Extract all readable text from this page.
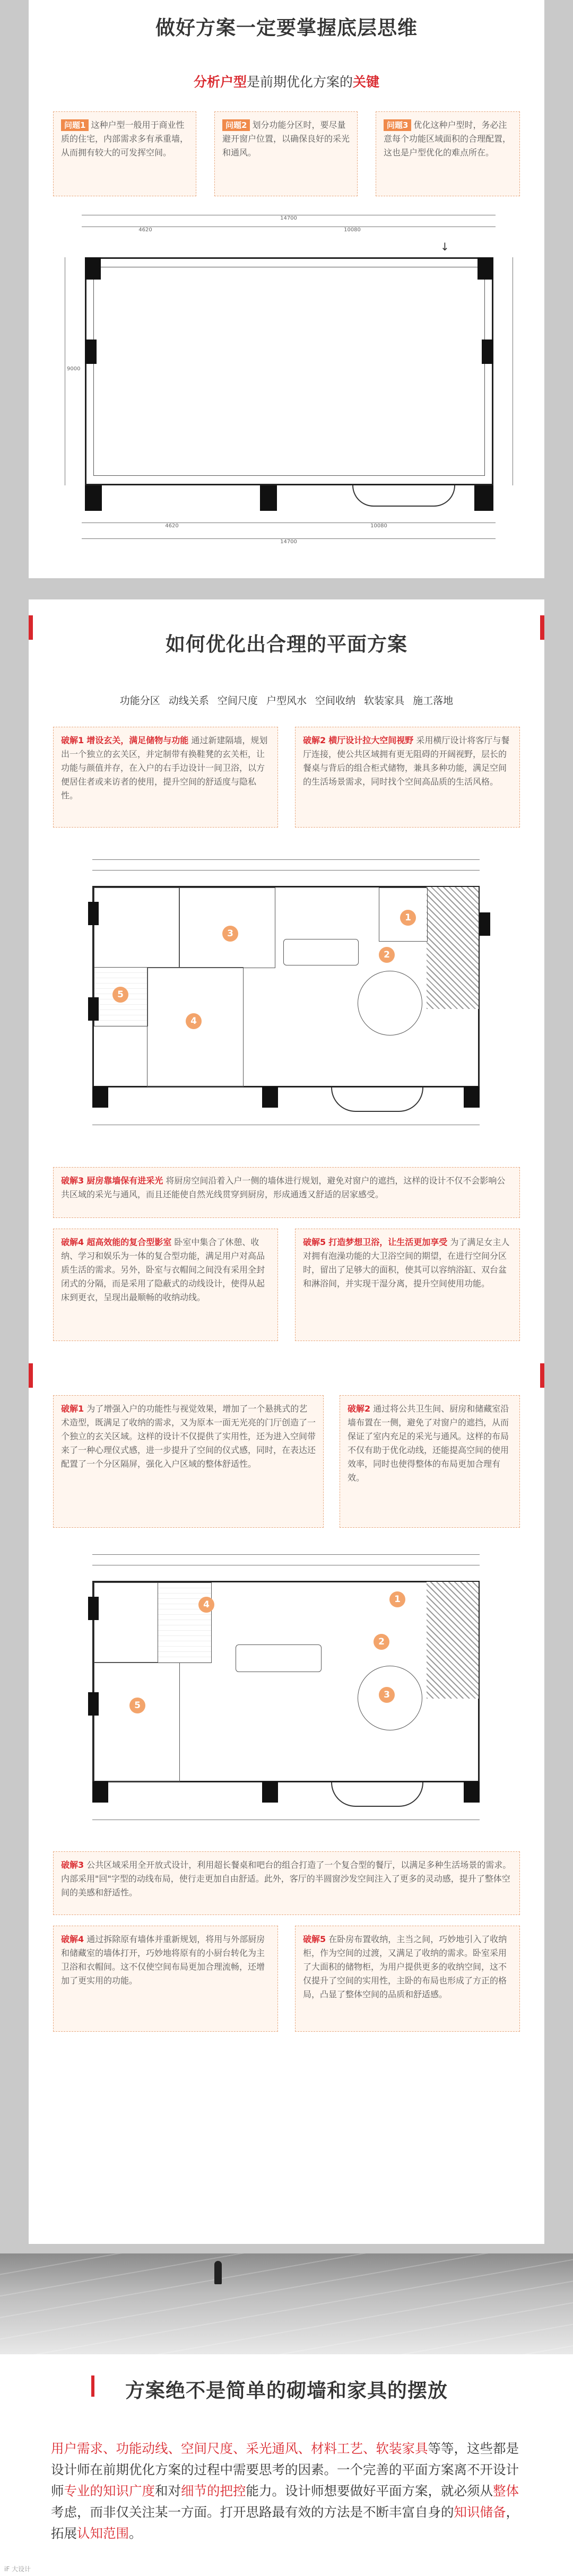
做好方案一定要掌握底层思维
分析户型是前期优化方案的关键
问题1 这种户型一般用于商业性质的住宅，内部需求多有承重墙，从而拥有较大的可发挥空间。
问题2 划分功能分区时，要尽量避开窗户位置，以确保良好的采光和通风。
问题3 优化这种户型时，务必注意每个功能区域面积的合理配置，这也是户型优化的难点所在。
14700
4620	10080
9000
↓
4620	10080
14700
如何优化出合理的平面方案
功能分区 动线关系 空间尺度 户型风水 空间收纳 软装家具 施工落地
破解1 增设玄关，满足储物与功能 通过新建隔墙，规划出一个独立的玄关区，并定制带有换鞋凳的玄关柜，让功能与颜值并存，在入户的右手边设计一间卫浴，以方便居住者或来访者的使用，提升空间的舒适度与隐私性。
破解2 横厅设计拉大空间视野 采用横厅设计将客厅与餐厅连接，使公共区域拥有更无阻碍的开阔视野，层长的餐桌与背后的组合柜式储物，兼具多种功能，满足空间的生活场景需求，同时找个空间高品质的生活风格。
1
2
3
4
5
破解3 厨房靠墙保有进采光 将厨房空间沿着入户一侧的墙体进行规划，避免对窗户的遮挡，这样的设计不仅不会影响公共区域的采光与通风，而且还能使自然光线贯穿到厨房，形成通透又舒适的居家感受。
破解4 超高效能的复合型影室 卧室中集合了休憩、收纳、学习和娱乐为一体的复合型功能，满足用户对高品质生活的需求。另外，卧室与衣帽间之间没有采用全封闭式的分隔，而是采用了隐蔽式的动线设计，使得从起床到更衣，呈现出最顺畅的收纳动线。
破解5 打造梦想卫浴，让生活更加享受 为了满足女主人对拥有泡澡功能的大卫浴空间的期望，在进行空间分区时，留出了足够大的面积，使其可以容纳浴缸、双台盆和淋浴间，并实现干湿分离，提升空间使用功能。
破解1 为了增强入户的功能性与视觉效果，增加了一个悬挑式的艺术造型，既满足了收纳的需求，又为原本一面无光亮的门厅创造了一个独立的玄关区域。这样的设计不仅提供了实用性，还为进入空间带来了一种心理仪式感，进一步提升了空间的仪式感，同时，在表达还配置了一个分区隔屏，强化入户区域的整体舒适性。
破解2 通过将公共卫生间、厨房和储藏室沿墙布置在一侧，避免了对窗户的遮挡，从而保证了室内充足的采光与通风。这样的布局不仅有助于优化动线，还能提高空间的使用效率，同时也使得整体的布局更加合理有效。
1
2
3
4
5
破解3 公共区域采用全开放式设计，利用超长餐桌和吧台的组合打造了一个复合型的餐厅，以满足多种生活场景的需求。内部采用"回"字型的动线布局，使行走更加自由舒适。此外，客厅的半圆窗沙发空间注入了更多的灵动感，提升了整体空间的美感和舒适性。
破解4 通过拆除原有墙体并重新规划，将用与外部厨房和储藏室的墙体打开，巧妙地将原有的小厨台转化为主卫浴和衣帽间。这不仅使空间布局更加合理流畅，还增加了更实用的功能。
破解5 在卧房布置收纳，主当之间，巧妙地引入了收纳柜，作为空间的过渡，又满足了收纳的需求。卧室采用了大面积的储物柜，为用户提供更多的收纳空间，这不仅提升了空间的实用性，主卧的布局也形成了方正的格局，凸显了整体空间的品质和舒适感。
方案绝不是简单的砌墙和家具的摆放
用户需求、功能动线、空间尺度、采光通风、材料工艺、软装家具等等，这些都是设计师在前期优化方案的过程中需要思考的因素。一个完善的平面方案离不开设计师专业的知识广度和对细节的把控能力。设计师想要做好平面方案，就必须从整体考虑，而非仅关注某一方面。打开思路最有效的方法是不断丰富自身的知识储备，拓展认知范围。
iF 大设计
